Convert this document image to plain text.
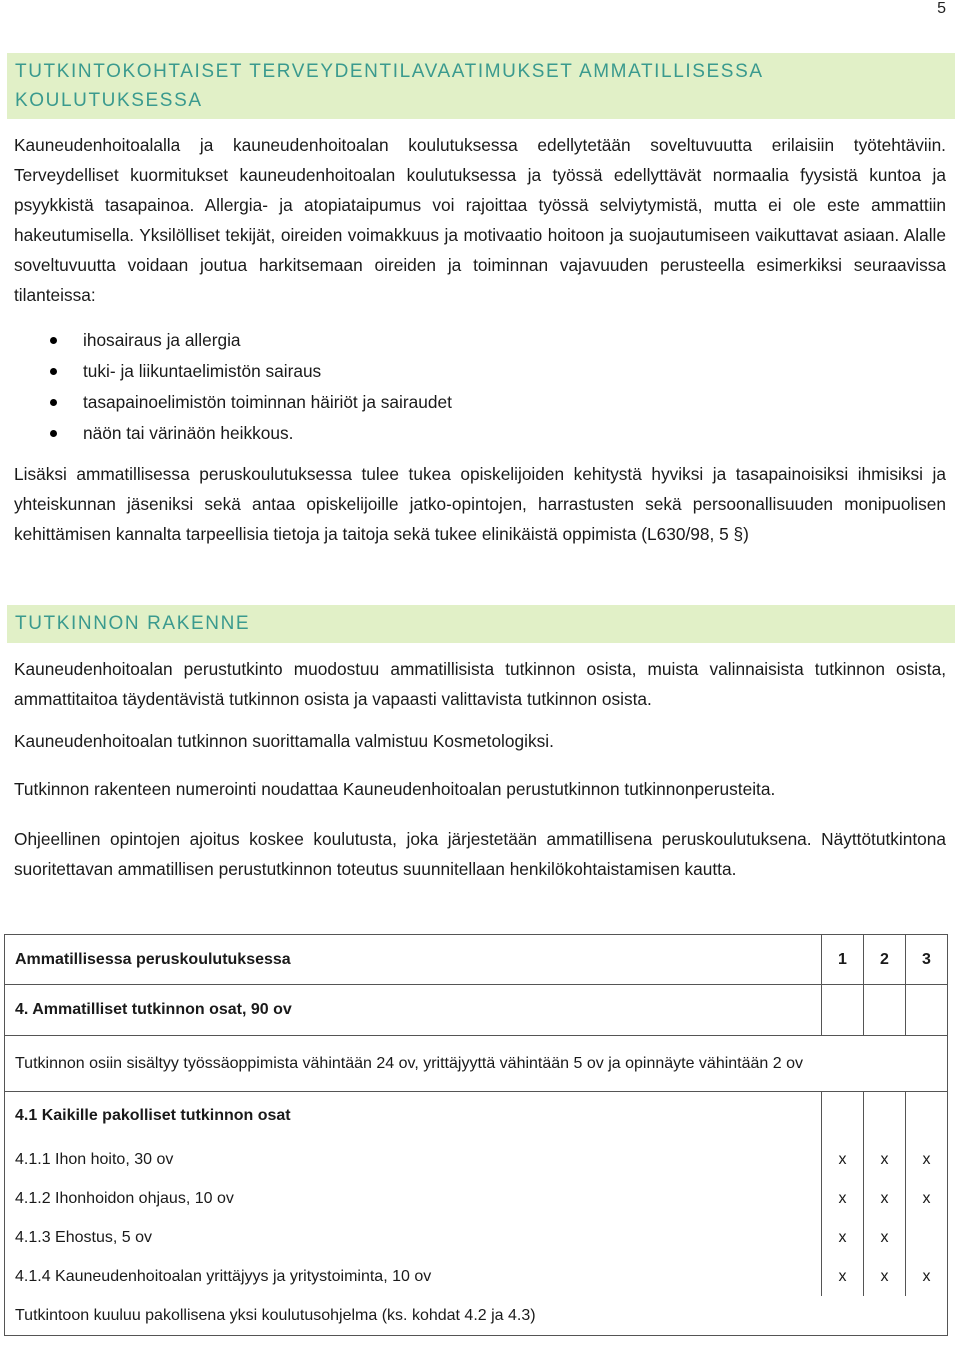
5
TUTKINTOKOHTAISET TERVEYDENTILAVAATIMUKSET AMMATILLISESSA
KOULUTUKSESSA

Kauneudenhoitoalalla ja kauneudenhoitoalan koulutuksessa edellytetään soveltuvuutta erilaisiin työtehtäviin. Terveydelliset kuormitukset kauneudenhoitoalan koulutuksessa ja työssä edellyttävät normaalia fyysistä kuntoa ja psyykkistä tasapainoa. Allergia- ja atopiataipumus voi rajoittaa työssä selviytymistä, mutta ei ole este ammattiin hakeutumisella. Yksilölliset tekijät, oireiden voimakkuus ja motivaatio hoitoon ja suojautumiseen vaikuttavat asiaan. Alalle soveltuvuutta voidaan joutua harkitsemaan oireiden ja toiminnan vajavuuden perusteella esimerkiksi seuraavissa tilanteissa:

ihosairaus ja allergia
tuki- ja liikuntaelimistön sairaus
tasapainoelimistön toiminnan häiriöt ja sairaudet
näön tai värinäön heikkous.

Lisäksi ammatillisessa peruskoulutuksessa tulee tukea opiskelijoiden kehitystä hyviksi ja tasapainoisiksi ihmisiksi ja yhteiskunnan jäseniksi sekä antaa opiskelijoille jatko-opintojen, harrastusten sekä persoonallisuuden monipuolisen kehittämisen kannalta tarpeellisia tietoja ja taitoja sekä tukee elinikäistä oppimista (L630/98, 5 §)

TUTKINNON RAKENNE

Kauneudenhoitoalan perustutkinto muodostuu ammatillisista tutkinnon osista, muista valinnaisista tutkinnon osista, ammattitaitoa täydentävistä tutkinnon osista ja vapaasti valittavista tutkinnon osista.

Kauneudenhoitoalan tutkinnon suorittamalla valmistuu Kosmetologiksi.

Tutkinnon rakenteen numerointi noudattaa Kauneudenhoitoalan perustutkinnon tutkinnonperusteita.

Ohjeellinen opintojen ajoitus koskee koulutusta, joka järjestetään ammatillisena peruskoulutuksena. Näyttötutkintona suoritettavan ammatillisen perustutkinnon toteutus suunnitellaan henkilökohtaistamisen kautta.

Ammatillisessa peruskoulutuksessa	1	2	3
4. Ammatilliset tutkinnon osat, 90 ov			
Tutkinnon osiin sisältyy työssäoppimista vähintään 24 ov, yrittäjyyttä vähintään 5 ov ja opinnäyte vähintään 2 ov			
4.1 Kaikille pakolliset tutkinnon osat			
4.1.1 Ihon hoito, 30 ov	x	x	x
4.1.2 Ihonhoidon ohjaus, 10 ov	x	x	x
4.1.3 Ehostus, 5 ov	x	x	
4.1.4 Kauneudenhoitoalan yrittäjyys ja yritystoiminta, 10 ov	x	x	x
Tutkintoon kuuluu pakollisena yksi koulutusohjelma (ks. kohdat 4.2 ja 4.3)			
